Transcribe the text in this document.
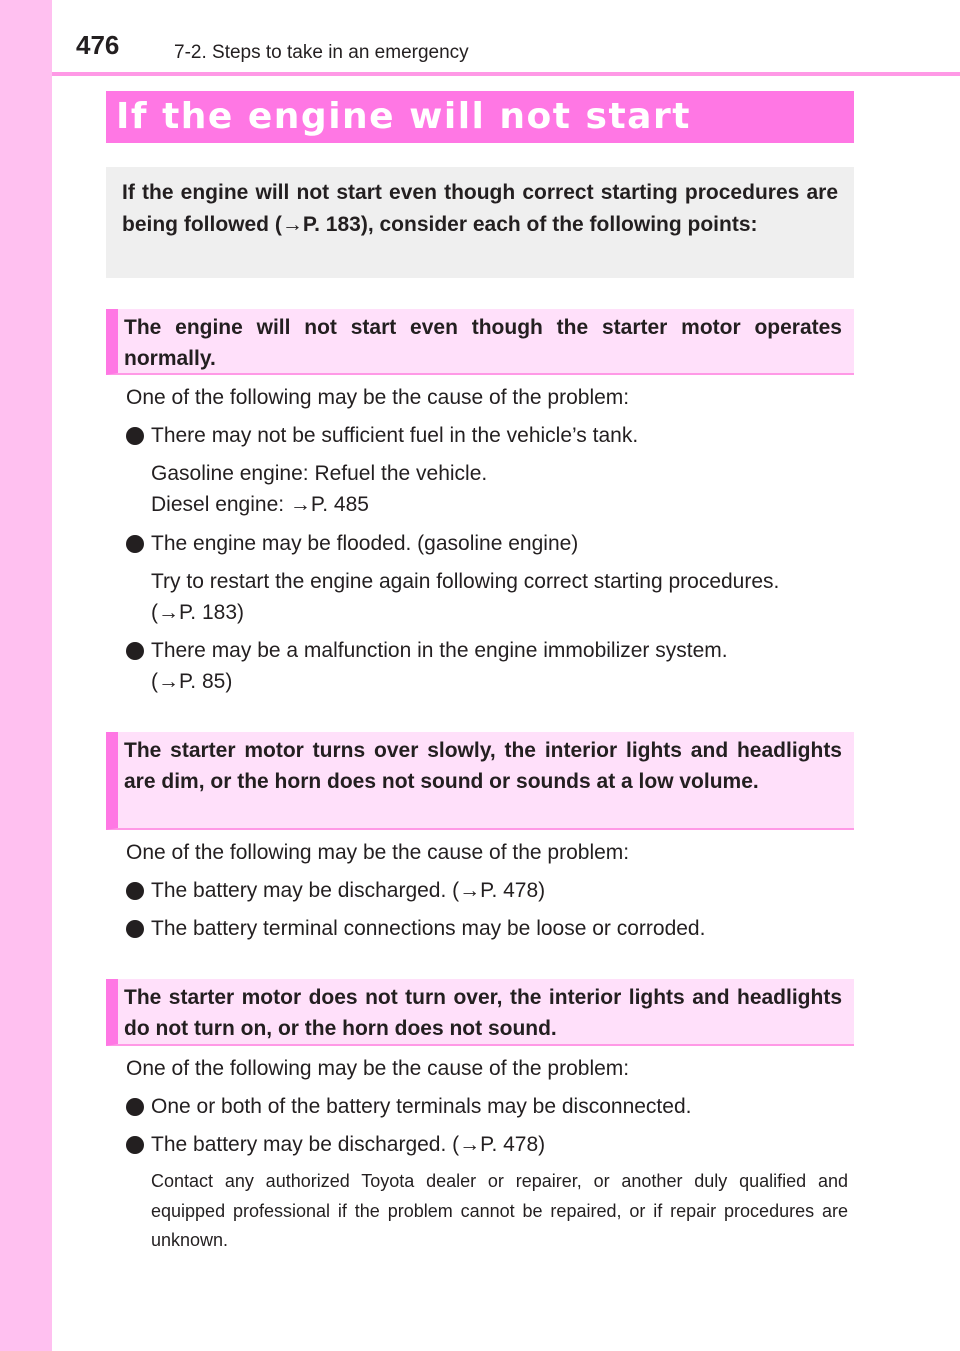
476	7-2. Steps to take in an emergency
If the engine will not start
If the engine will not start even though correct starting procedures are being followed (→P. 183), consider each of the following points:
The engine will not start even though the starter motor operates normally.
One of the following may be the cause of the problem:
There may not be sufficient fuel in the vehicle’s tank.
Gasoline engine: Refuel the vehicle.
Diesel engine: →P. 485
The engine may be flooded. (gasoline engine)
Try to restart the engine again following correct starting procedures.
(→P. 183)
There may be a malfunction in the engine immobilizer system.
(→P. 85)
The starter motor turns over slowly, the interior lights and headlights are dim, or the horn does not sound or sounds at a low volume.
One of the following may be the cause of the problem:
The battery may be discharged. (→P. 478)
The battery terminal connections may be loose or corroded.
The starter motor does not turn over, the interior lights and headlights do not turn on, or the horn does not sound.
One of the following may be the cause of the problem:
One or both of the battery terminals may be disconnected.
The battery may be discharged. (→P. 478)
Contact any authorized Toyota dealer or repairer, or another duly qualified and equipped professional if the problem cannot be repaired, or if repair procedures are unknown.
